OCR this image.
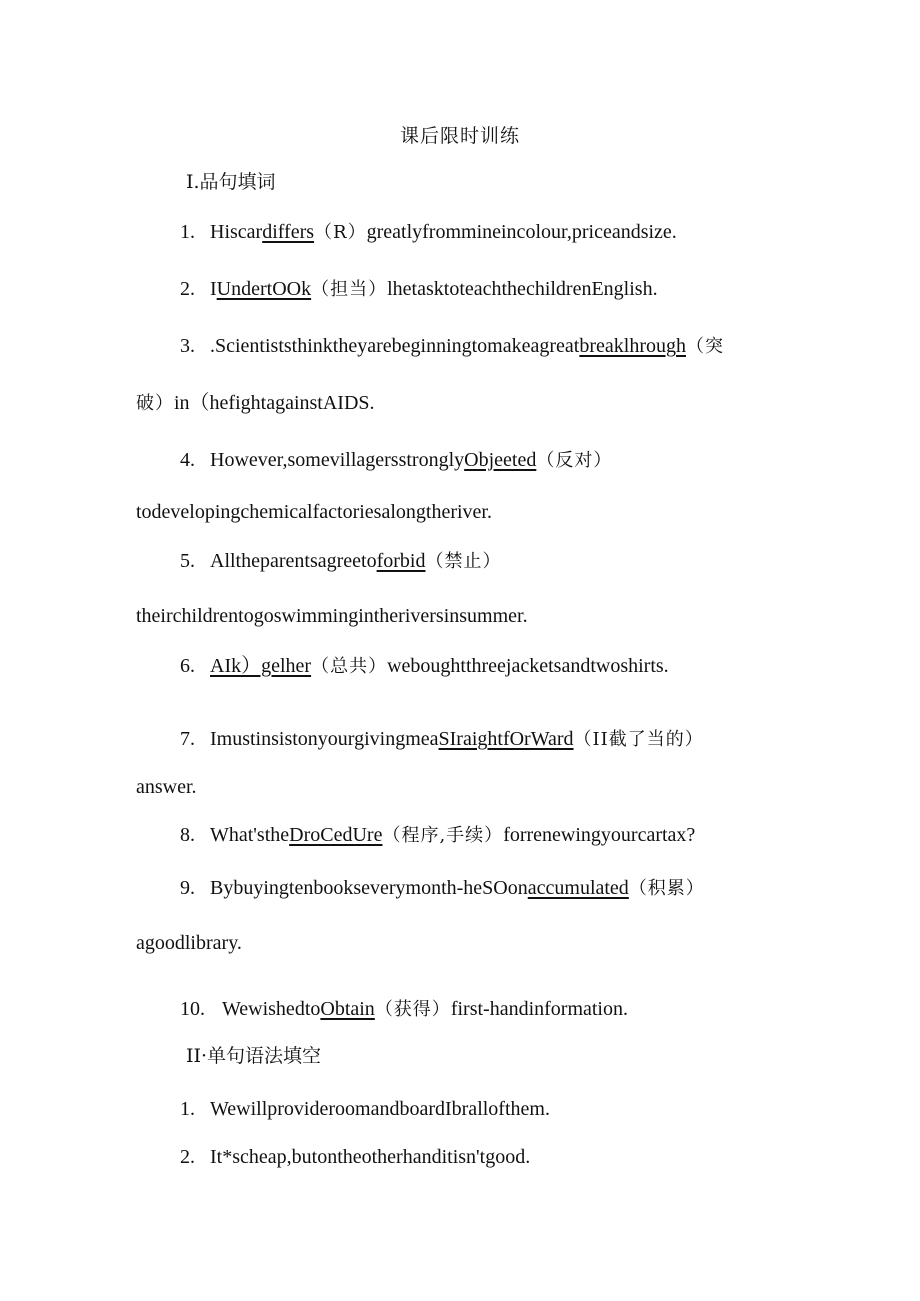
课后限时训练
I.品句填词
1. Hiscardiffers（R）greatlyfrommineincolour,priceandsize.
2. IUndertOOk（担当）lhetasktoteachthechildrenEnglish.
3. .Scientiststhinktheyarebeginningtomakeagreatbreaklhrough（突
破）in（hefightagainstAIDS.
4. However,somevillagersstronglyObjeeted（反对）
todevelopingchemicalfactoriesalongtheriver.
5. Alltheparentsagreetoforbid（禁止）
theirchildrentogoswimmingintheriversinsummer.
6. AIk）gelher（总共）weboughtthreejacketsandtwoshirts.
7. ImustinsistonyourgivingmeaSIraightfOrWard（II截了当的）
answer.
8. What'stheDroCedUre（程序,手续）forrenewingyourcartax?
9. Bybuyingtenbookseverymonth-heSOonaccumulated（积累）
agoodlibrary.
10. WewishedtoObtain（获得）first-handinformation.
II·单句语法填空
1. WewillprovideroomandboardIbrallofthem.
2. It*scheap,butontheotherhanditisn'tgood.
